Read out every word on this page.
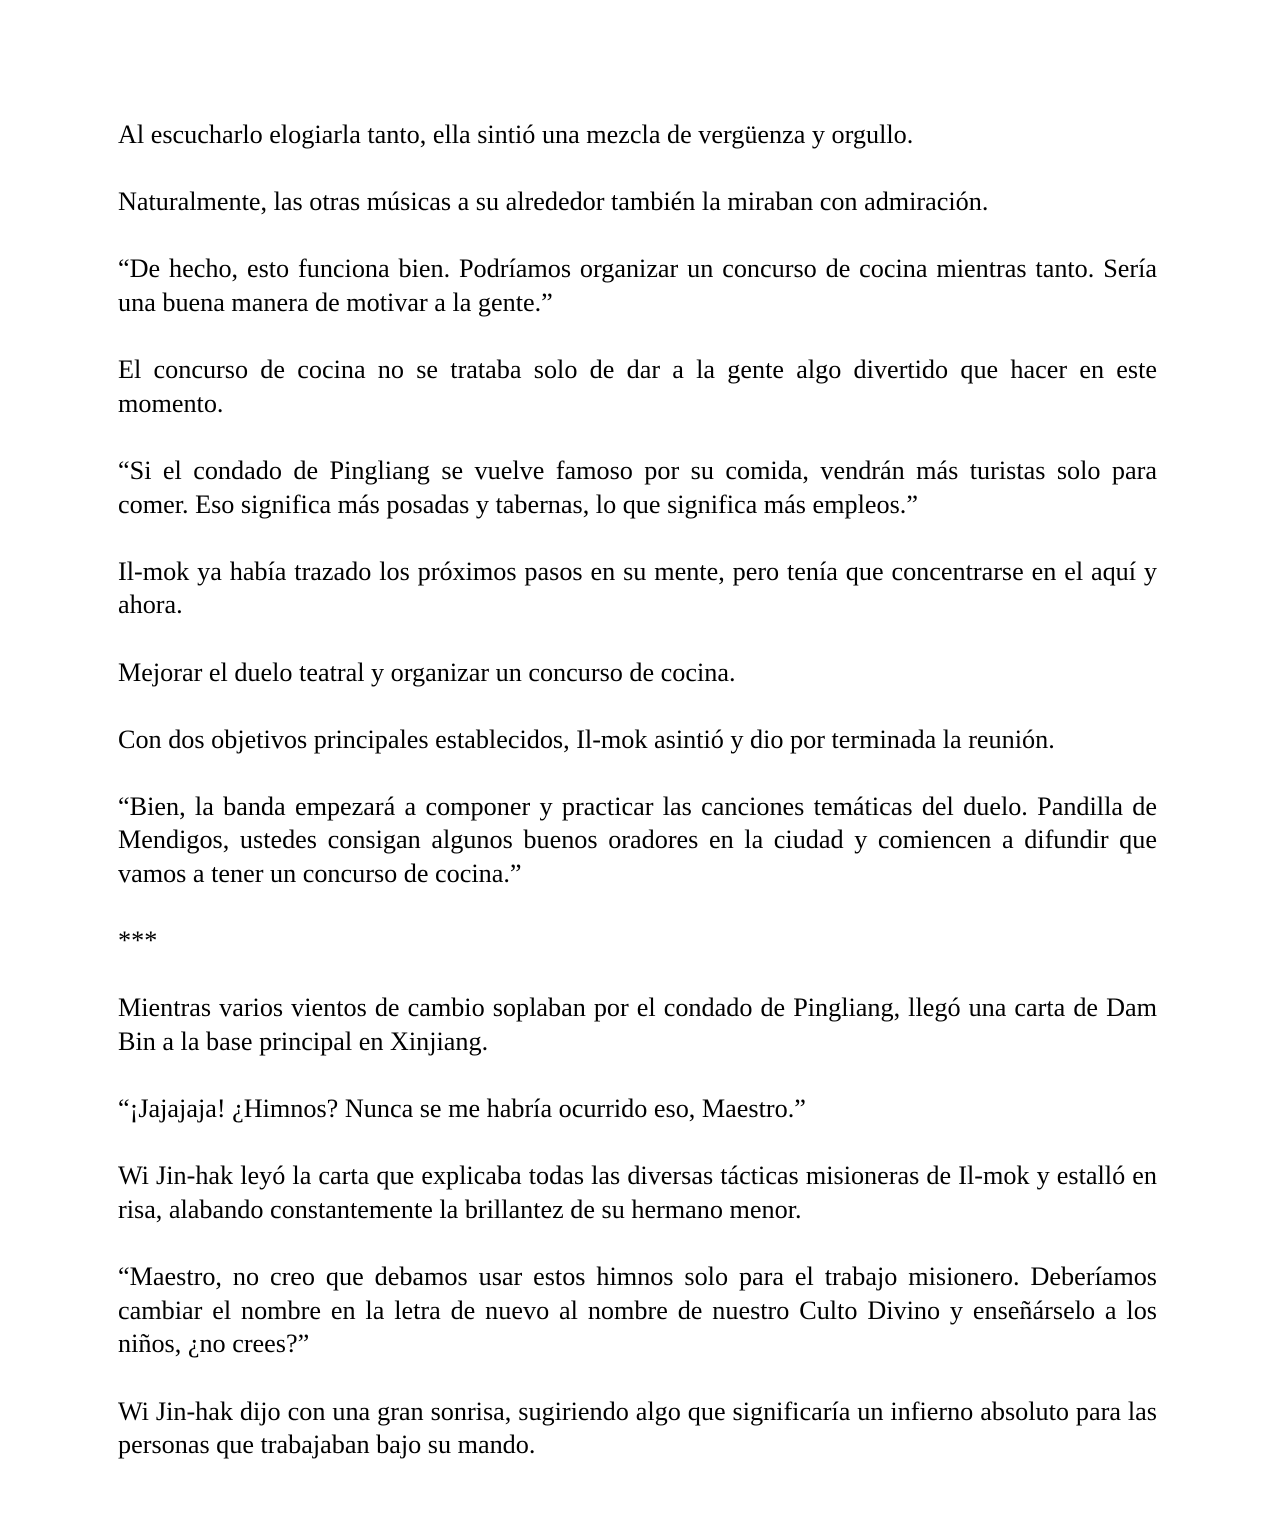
Al escucharlo elogiarla tanto, ella sintió una mezcla de vergüenza y orgullo.

Naturalmente, las otras músicas a su alrededor también la miraban con admiración.

“De hecho, esto funciona bien. Podríamos organizar un concurso de cocina mientras tanto. Sería una buena manera de motivar a la gente.”

El concurso de cocina no se trataba solo de dar a la gente algo divertido que hacer en este momento.

“Si el condado de Pingliang se vuelve famoso por su comida, vendrán más turistas solo para comer. Eso significa más posadas y tabernas, lo que significa más empleos.”

Il-mok ya había trazado los próximos pasos en su mente, pero tenía que concentrarse en el aquí y ahora.

Mejorar el duelo teatral y organizar un concurso de cocina.

Con dos objetivos principales establecidos, Il-mok asintió y dio por terminada la reunión.

“Bien, la banda empezará a componer y practicar las canciones temáticas del duelo. Pandilla de Mendigos, ustedes consigan algunos buenos oradores en la ciudad y comiencen a difundir que vamos a tener un concurso de cocina.”

***

Mientras varios vientos de cambio soplaban por el condado de Pingliang, llegó una carta de Dam Bin a la base principal en Xinjiang.

“¡Jajajaja! ¿Himnos? Nunca se me habría ocurrido eso, Maestro.”

Wi Jin-hak leyó la carta que explicaba todas las diversas tácticas misioneras de Il-mok y estalló en risa, alabando constantemente la brillantez de su hermano menor.

“Maestro, no creo que debamos usar estos himnos solo para el trabajo misionero. Deberíamos cambiar el nombre en la letra de nuevo al nombre de nuestro Culto Divino y enseñárselo a los niños, ¿no crees?”

Wi Jin-hak dijo con una gran sonrisa, sugiriendo algo que significaría un infierno absoluto para las personas que trabajaban bajo su mando.
